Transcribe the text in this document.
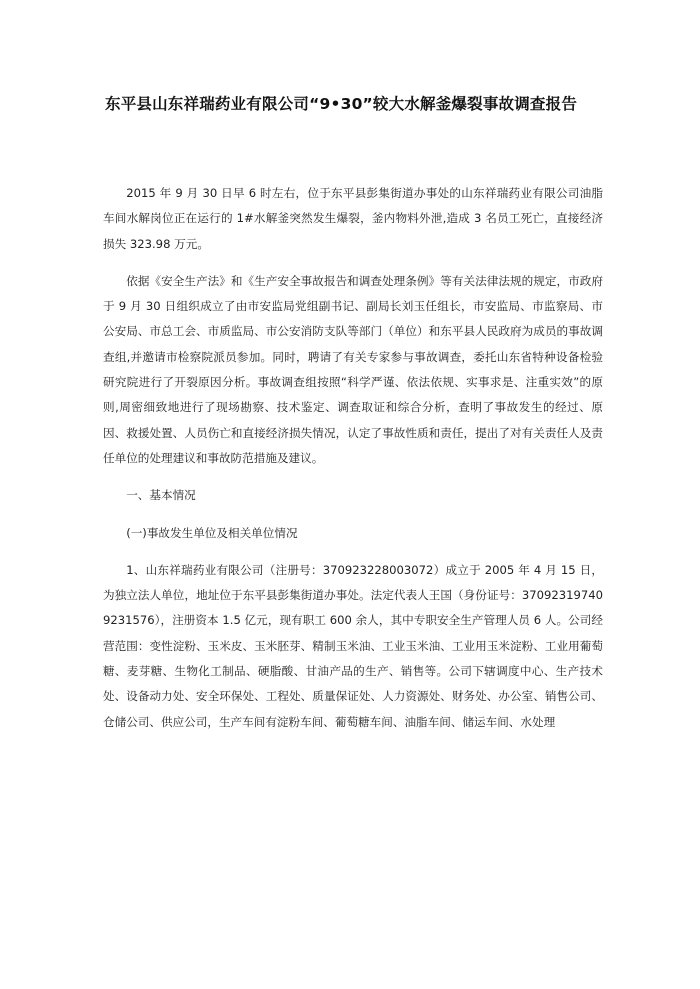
东平县山东祥瑞药业有限公司“9•30”较大水解釜爆裂事故调查报告

2015 年 9 月 30 日早 6 时左右，位于东平县彭集街道办事处的山东祥瑞药业有限公司油脂车间水解岗位正在运行的 1#水解釜突然发生爆裂，釜内物料外泄,造成 3 名员工死亡，直接经济损失 323.98 万元。

依据《安全生产法》和《生产安全事故报告和调查处理条例》等有关法律法规的规定，市政府于 9 月 30 日组织成立了由市安监局党组副书记、副局长刘玉任组长，市安监局、市监察局、市公安局、市总工会、市质监局、市公安消防支队等部门（单位）和东平县人民政府为成员的事故调查组,并邀请市检察院派员参加。同时，聘请了有关专家参与事故调查，委托山东省特种设备检验研究院进行了开裂原因分析。事故调查组按照“科学严谨、依法依规、实事求是、注重实效”的原则,周密细致地进行了现场勘察、技术鉴定、调查取证和综合分析，查明了事故发生的经过、原因、救援处置、人员伤亡和直接经济损失情况，认定了事故性质和责任，提出了对有关责任人及责任单位的处理建议和事故防范措施及建议。

一、基本情况

(一)事故发生单位及相关单位情况

1、山东祥瑞药业有限公司（注册号：370923228003072）成立于 2005 年 4 月 15 日，为独立法人单位，地址位于东平县彭集街道办事处。法定代表人王国（身份证号：370923197409231576），注册资本 1.5 亿元，现有职工 600 余人，其中专职安全生产管理人员 6 人。公司经营范围：变性淀粉、玉米皮、玉米胚芽、精制玉米油、工业玉米油、工业用玉米淀粉、工业用葡萄糖、麦芽糖、生物化工制品、硬脂酸、甘油产品的生产、销售等。公司下辖调度中心、生产技术处、设备动力处、安全环保处、工程处、质量保证处、人力资源处、财务处、办公室、销售公司、仓储公司、供应公司，生产车间有淀粉车间、葡萄糖车间、油脂车间、储运车间、水处理
